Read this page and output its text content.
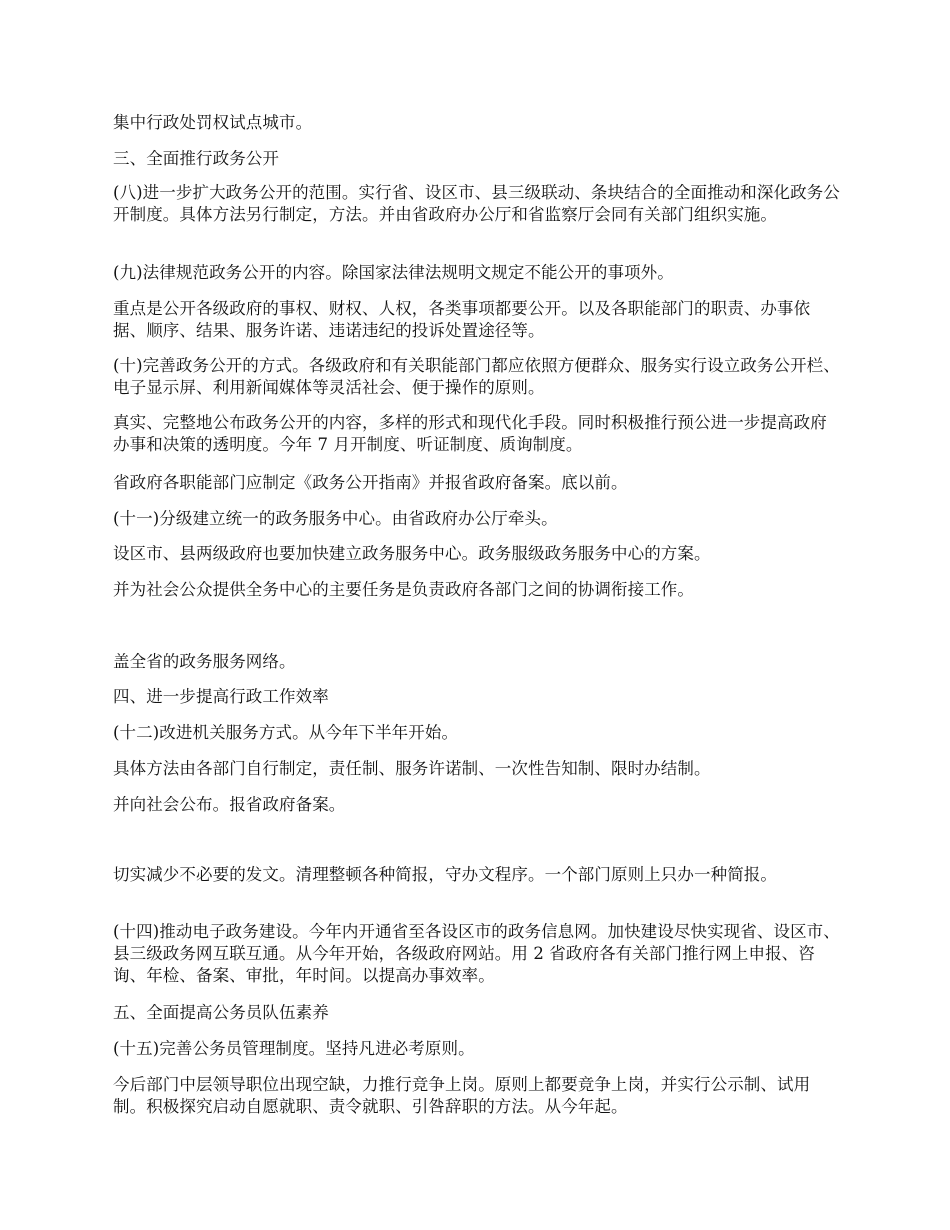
集中行政处罚权试点城市。

三、全面推行政务公开

(八)进一步扩大政务公开的范围。实行省、设区市、县三级联动、条块结合的全面推动和深化政务公开制度。具体方法另行制定，方法。并由省政府办公厅和省监察厅会同有关部门组织实施。

(九)法律规范政务公开的内容。除国家法律法规明文规定不能公开的事项外。

重点是公开各级政府的事权、财权、人权，各类事项都要公开。以及各职能部门的职责、办事依据、顺序、结果、服务许诺、违诺违纪的投诉处置途径等。

(十)完善政务公开的方式。各级政府和有关职能部门都应依照方便群众、服务实行设立政务公开栏、电子显示屏、利用新闻媒体等灵活社会、便于操作的原则。

真实、完整地公布政务公开的内容，多样的形式和现代化手段。同时积极推行预公进一步提高政府办事和决策的透明度。今年 7 月开制度、听证制度、质询制度。

省政府各职能部门应制定《政务公开指南》并报省政府备案。底以前。

(十一)分级建立统一的政务服务中心。由省政府办公厅牵头。

设区市、县两级政府也要加快建立政务服务中心。政务服级政务服务中心的方案。

并为社会公众提供全务中心的主要任务是负责政府各部门之间的协调衔接工作。

盖全省的政务服务网络。

四、进一步提高行政工作效率

(十二)改进机关服务方式。从今年下半年开始。

具体方法由各部门自行制定，责任制、服务许诺制、一次性告知制、限时办结制。

并向社会公布。报省政府备案。

切实减少不必要的发文。清理整顿各种简报，守办文程序。一个部门原则上只办一种简报。

(十四)推动电子政务建设。今年内开通省至各设区市的政务信息网。加快建设尽快实现省、设区市、县三级政务网互联互通。从今年开始，各级政府网站。用 2 省政府各有关部门推行网上申报、咨询、年检、备案、审批，年时间。以提高办事效率。

五、全面提高公务员队伍素养

(十五)完善公务员管理制度。坚持凡进必考原则。

今后部门中层领导职位出现空缺，力推行竞争上岗。原则上都要竞争上岗，并实行公示制、试用制。积极探究启动自愿就职、责令就职、引咎辞职的方法。从今年起。
